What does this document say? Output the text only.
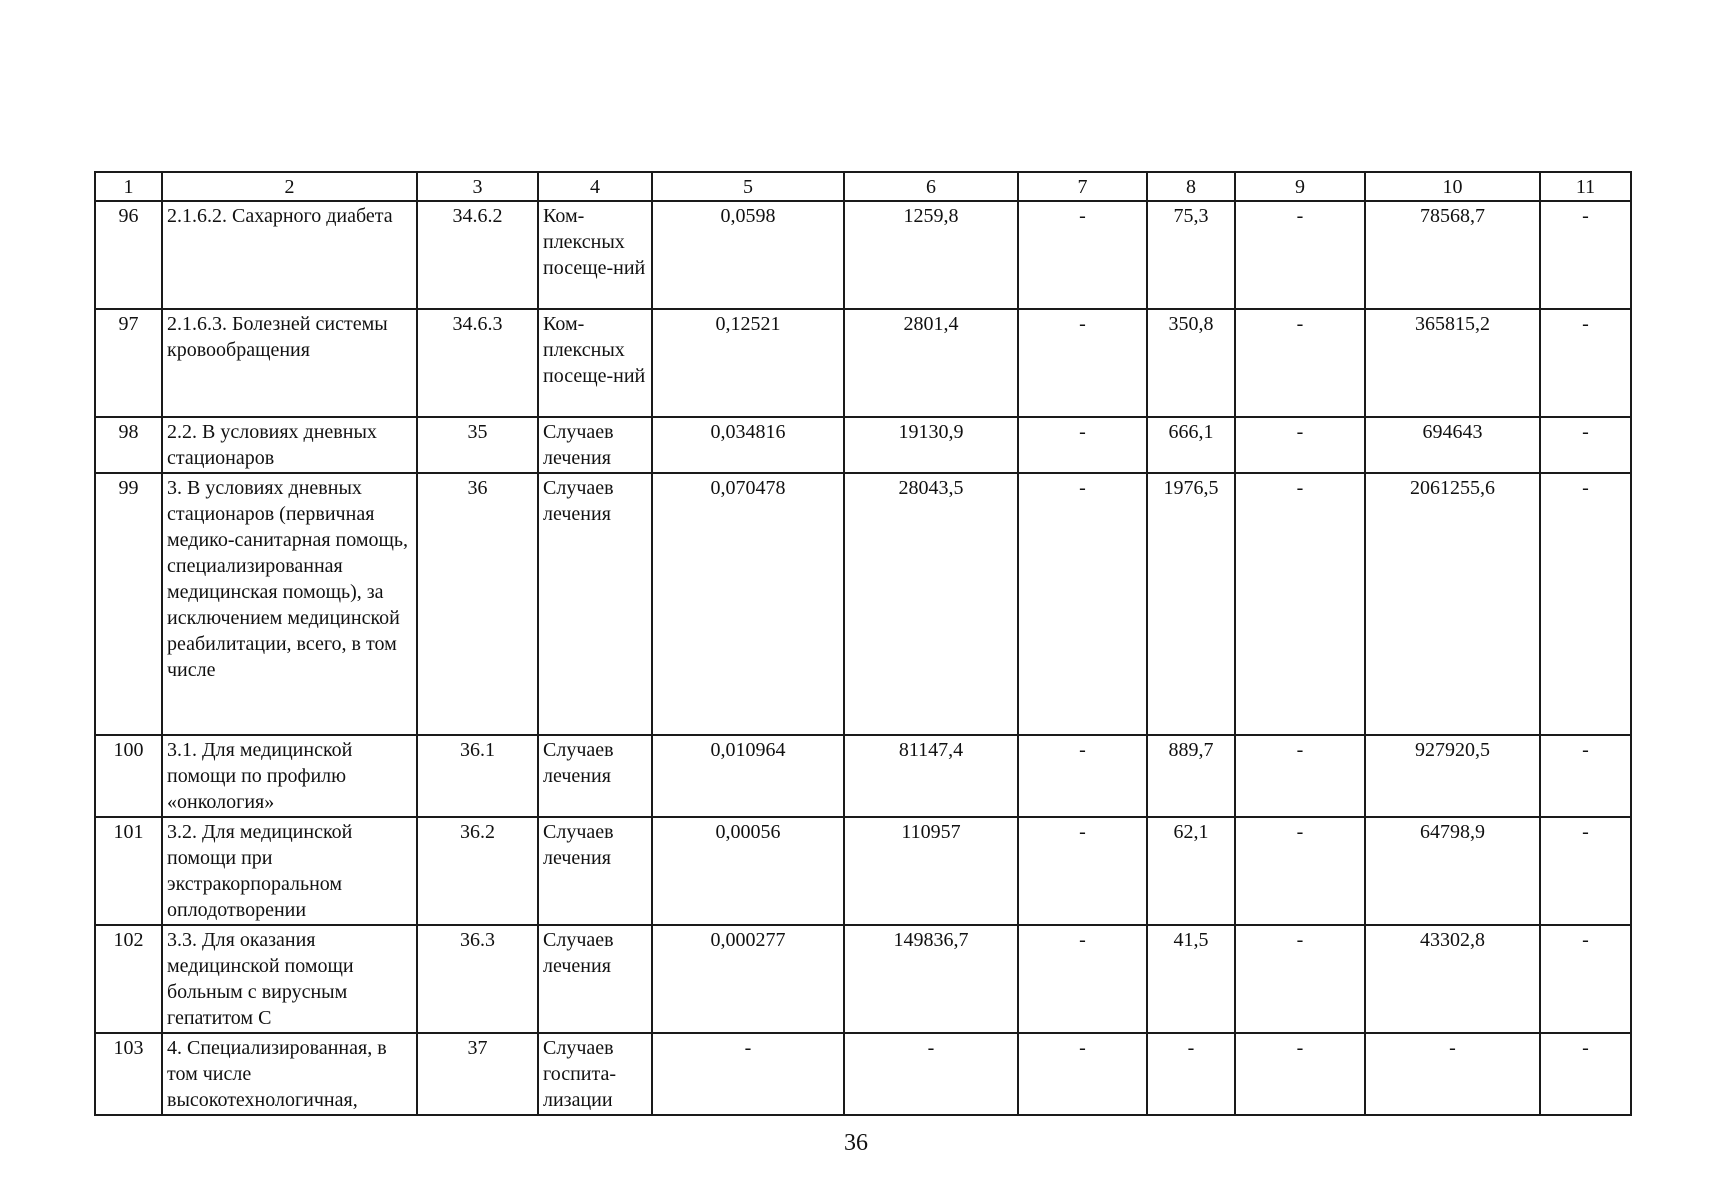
1	2	3	4	5	6	7	8	9	10	11
96	2.1.6.2. Сахарного диабета	34.6.2	Ком-плексных посеще-ний	0,0598	1259,8	-	75,3	-	78568,7	-
97	2.1.6.3. Болезней системы кровообращения	34.6.3	Ком-плексных посеще-ний	0,12521	2801,4	-	350,8	-	365815,2	-
98	2.2. В условиях дневных стационаров	35	Случаев лечения	0,034816	19130,9	-	666,1	-	694643	-
99	3. В условиях дневных стационаров (первичная медико-санитарная помощь, специализированная медицинская помощь), за исключением медицинской реабилитации, всего, в том числе	36	Случаев лечения	0,070478	28043,5	-	1976,5	-	2061255,6	-
100	3.1. Для медицинской помощи по профилю «онкология»	36.1	Случаев лечения	0,010964	81147,4	-	889,7	-	927920,5	-
101	3.2. Для медицинской помощи при экстракорпоральном оплодотворении	36.2	Случаев лечения	0,00056	110957	-	62,1	-	64798,9	-
102	3.3. Для оказания медицинской помощи больным с вирусным гепатитом С	36.3	Случаев лечения	0,000277	149836,7	-	41,5	-	43302,8	-
103	4. Специализированная, в том числе высокотехнологичная,	37	Случаев госпита-лизации	-	-	-	-	-	-	-
36
